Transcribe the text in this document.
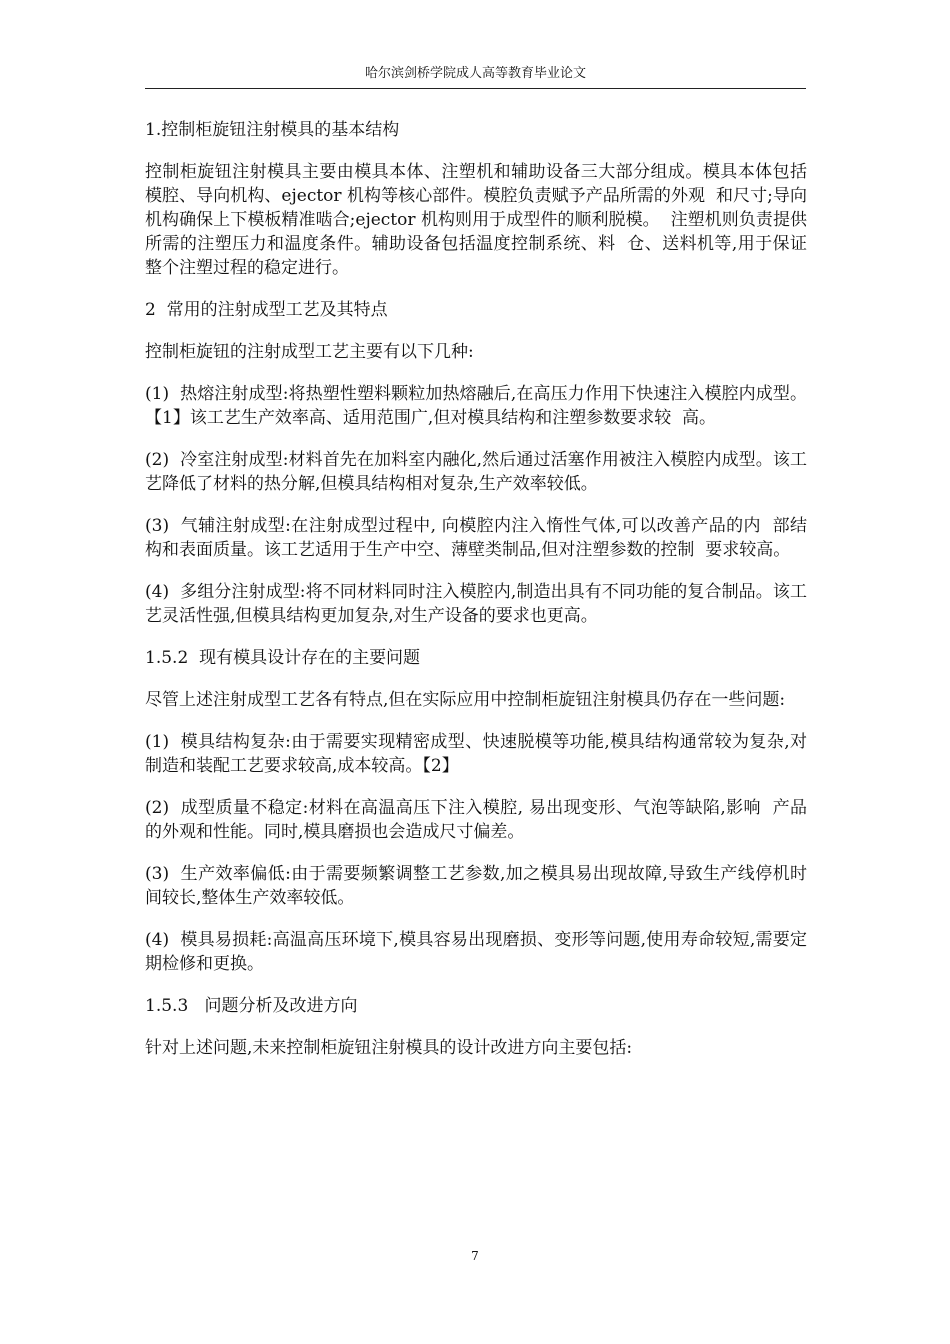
哈尔滨剑桥学院成人高等教育毕业论文

1.控制柜旋钮注射模具的基本结构

控制柜旋钮注射模具主要由模具本体、注塑机和辅助设备三大部分组成。模具本体包括模腔、导向机构、ejector 机构等核心部件。模腔负责赋予产品所需的外观  和尺寸;导向机构确保上下模板精准啮合;ejector 机构则用于成型件的顺利脱模。  注塑机则负责提供所需的注塑压力和温度条件。辅助设备包括温度控制系统、料  仓、送料机等,用于保证整个注塑过程的稳定进行。

2  常用的注射成型工艺及其特点

控制柜旋钮的注射成型工艺主要有以下几种:

(1)  热熔注射成型:将热塑性塑料颗粒加热熔融后,在高压力作用下快速注入模腔内成型。【1】该工艺生产效率高、适用范围广,但对模具结构和注塑参数要求较  高。

(2)  冷室注射成型:材料首先在加料室内融化,然后通过活塞作用被注入模腔内成型。该工艺降低了材料的热分解,但模具结构相对复杂,生产效率较低。

(3)  气辅注射成型:在注射成型过程中, 向模腔内注入惰性气体,可以改善产品的内  部结构和表面质量。该工艺适用于生产中空、薄壁类制品,但对注塑参数的控制  要求较高。

(4)  多组分注射成型:将不同材料同时注入模腔内,制造出具有不同功能的复合制品。该工艺灵活性强,但模具结构更加复杂,对生产设备的要求也更高。

1.5.2  现有模具设计存在的主要问题

尽管上述注射成型工艺各有特点,但在实际应用中控制柜旋钮注射模具仍存在一些问题:

(1)  模具结构复杂:由于需要实现精密成型、快速脱模等功能,模具结构通常较为复杂,对制造和装配工艺要求较高,成本较高。【2】

(2)  成型质量不稳定:材料在高温高压下注入模腔, 易出现变形、气泡等缺陷,影响  产品的外观和性能。同时,模具磨损也会造成尺寸偏差。

(3)  生产效率偏低:由于需要频繁调整工艺参数,加之模具易出现故障,导致生产线停机时间较长,整体生产效率较低。

(4)  模具易损耗:高温高压环境下,模具容易出现磨损、变形等问题,使用寿命较短,需要定期检修和更换。

1.5.3   问题分析及改进方向

针对上述问题,未来控制柜旋钮注射模具的设计改进方向主要包括:

7
